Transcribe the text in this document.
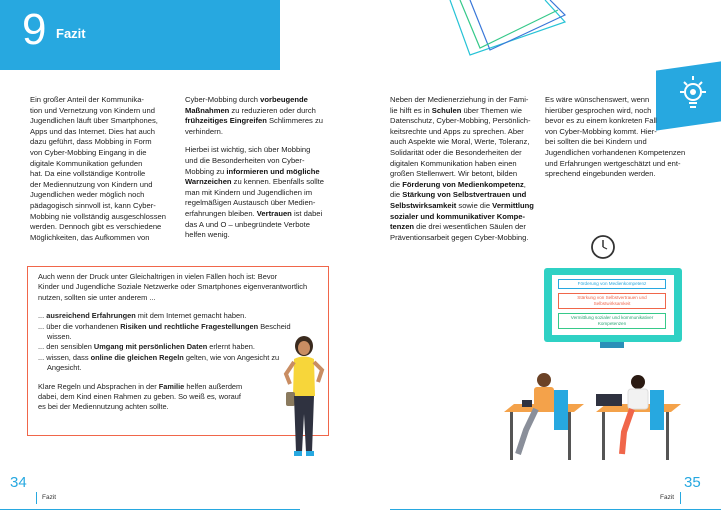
9 Fazit
Ein großer Anteil der Kommunika-
tion und Vernetzung von Kindern und
Jugendlichen läuft über Smartphones,
Apps und das Internet. Dies hat auch
dazu geführt, dass Mobbing in Form
von Cyber-Mobbing Eingang in die
digitale Kommunikation gefunden
hat. Da eine vollständige Kontrolle
der Mediennutzung von Kindern und
Jugendlichen weder möglich noch
pädagogisch sinnvoll ist, kann Cyber-
Mobbing nie vollständig ausgeschlossen
werden. Dennoch gibt es verschiedene
Möglichkeiten, das Aufkommen von

Cyber-Mobbing durch vorbeugende
Maßnahmen zu reduzieren oder durch
frühzeitiges Eingreifen Schlimmeres zu
verhindern.

Hierbei ist wichtig, sich über Mobbing
und die Besonderheiten von Cyber-
Mobbing zu informieren und mögliche
Warnzeichen zu kennen. Ebenfalls sollte
man mit Kindern und Jugendlichen im
regelmäßigen Austausch über Medien-
erfahrungen bleiben. Vertrauen ist dabei
das A und O – unbegründete Verbote
helfen wenig.

Auch wenn der Druck unter Gleichaltrigen in vielen Fällen hoch ist: Bevor
Kinder und Jugendliche Soziale Netzwerke oder Smartphones eigenverantwortlich
nutzen, sollten sie unter anderem ...

... ausreichend Erfahrungen mit dem Internet gemacht haben.
... über die vorhandenen Risiken und rechtliche Fragestellungen Bescheid wissen.
... den sensiblen Umgang mit persönlichen Daten erlernt haben.
... wissen, dass online die gleichen Regeln gelten, wie von Angesicht zu Angesicht.

Klare Regeln und Absprachen in der Familie helfen außerdem dabei, dem Kind einen Rahmen zu geben. So weiß es, worauf es bei der Mediennutzung achten sollte.

34
Fazit
Neben der Medienerziehung in der Fami-
lie hilft es in Schulen über Themen wie
Datenschutz, Cyber-Mobbing, Persönlich-
keitsrechte und Apps zu sprechen. Aber
auch Aspekte wie Moral, Werte, Toleranz,
Solidarität oder die Besonderheiten der
digitalen Kommunikation haben einen
großen Stellenwert. Wir betont, bilden
die Förderung von Medienkompetenz,
die Stärkung von Selbstvertrauen und
Selbstwirksamkeit sowie die Vermittlung
sozialer und kommunikativer Kompe-
tenzen die drei wesentlichen Säulen der
Präventionsarbeit gegen Cyber-Mobbing.
Es wäre wünschenswert, wenn
hierüber gesprochen wird, noch
bevor es zu einem konkreten Fall
von Cyber-Mobbing kommt. Hier-
bei sollten die bei Kindern und
Jugendlichen vorhandenen Kompetenzen
und Erfahrungen wertgeschätzt und ent-
sprechend eingebunden werden.
Förderung von Medienkompetenz
Stärkung von Selbstvertrauen und Selbstwirksamkeit
Vermittlung sozialer und kommunikativer Kompetenzen
35
Fazit
